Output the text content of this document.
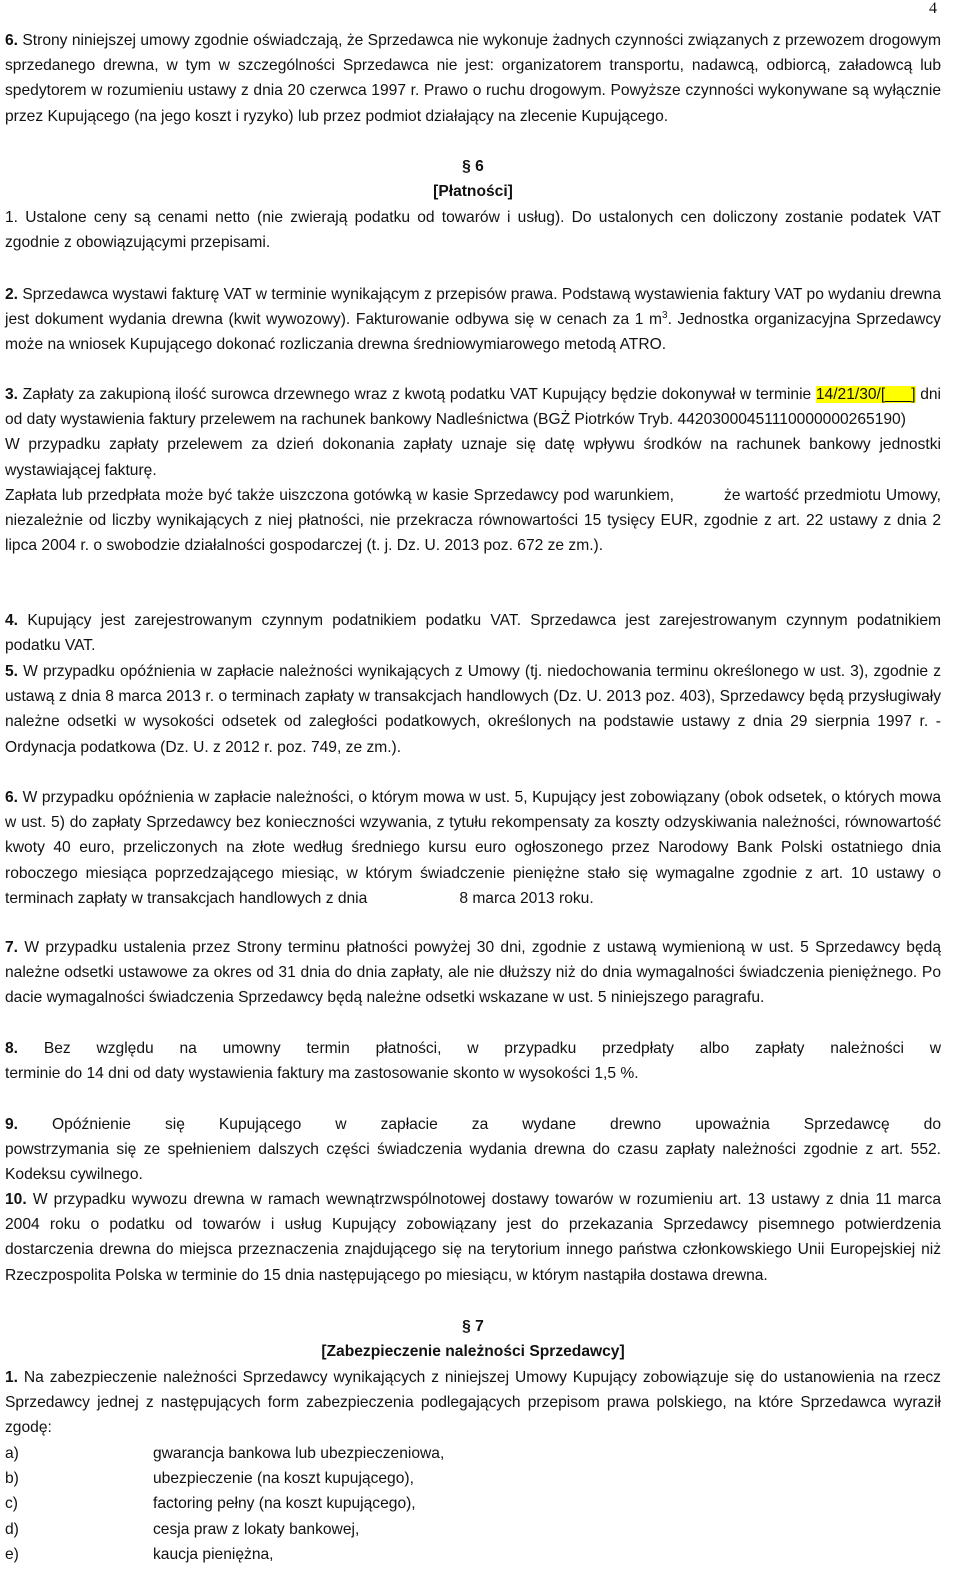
4

6. Strony niniejszej umowy zgodnie oświadczają, że Sprzedawca nie wykonuje żadnych czynności związanych z przewozem drogowym sprzedanego drewna, w tym w szczególności Sprzedawca nie jest: organizatorem transportu, nadawcą, odbiorcą, załadowcą lub spedytorem w rozumieniu ustawy z dnia 20 czerwca 1997 r. Prawo o ruchu drogowym. Powyższe czynności wykonywane są wyłącznie przez Kupującego (na jego koszt i ryzyko) lub przez podmiot działający na zlecenie Kupującego.

§ 6
[Płatności]

1. Ustalone ceny są cenami netto (nie zwierają podatku od towarów i usług). Do ustalonych cen doliczony zostanie podatek VAT zgodnie z obowiązującymi przepisami.

2. Sprzedawca wystawi fakturę VAT w terminie wynikającym z przepisów prawa. Podstawą wystawienia faktury VAT po wydaniu drewna jest dokument wydania drewna (kwit wywozowy). Fakturowanie odbywa się w cenach za 1 $m^3$. Jednostka organizacyjna Sprzedawcy może na wniosek Kupującego dokonać rozliczania drewna średniowymiarowego metodą ATRO.

3. Zapłaty za zakupioną ilość surowca drzewnego wraz z kwotą podatku VAT Kupujący będzie dokonywał w terminie 14/21/30/[___] dni od daty wystawienia faktury przelewem na rachunek bankowy Nadleśnictwa (BGŻ Piotrków Tryb. 44203000451110000000265190)

W przypadku zapłaty przelewem za dzień dokonania zapłaty uznaje się datę wpływu środków na rachunek bankowy jednostki wystawiającej fakturę.

Zapłata lub przedpłata może być także uiszczona gotówką w kasie Sprzedawcy pod warunkiem,	że wartość przedmiotu Umowy, niezależnie od liczby wynikających z niej płatności, nie przekracza równowartości 15 tysięcy EUR, zgodnie z art. 22 ustawy z dnia 2 lipca 2004 r. o swobodzie działalności gospodarczej (t. j. Dz. U. 2013 poz. 672 ze zm.).

4. Kupujący jest zarejestrowanym czynnym podatnikiem podatku VAT. Sprzedawca jest zarejestrowanym czynnym podatnikiem podatku VAT.

5. W przypadku opóźnienia w zapłacie należności wynikających z Umowy (tj. niedochowania terminu określonego w ust. 3), zgodnie z ustawą z dnia 8 marca 2013 r. o terminach zapłaty w transakcjach handlowych (Dz. U. 2013 poz. 403), Sprzedawcy będą przysługiwały należne odsetki w wysokości odsetek od zaległości podatkowych, określonych na podstawie ustawy z dnia 29 sierpnia 1997 r. - Ordynacja podatkowa (Dz. U. z 2012 r. poz. 749, ze zm.).

6. W przypadku opóźnienia w zapłacie należności, o którym mowa w ust. 5, Kupujący jest zobowiązany (obok odsetek, o których mowa w ust. 5) do zapłaty Sprzedawcy bez konieczności wzywania, z tytułu rekompensaty za koszty odzyskiwania należności, równowartość kwoty 40 euro, przeliczonych na złote według średniego kursu euro ogłoszonego przez Narodowy Bank Polski ostatniego dnia roboczego miesiąca poprzedzającego miesiąc, w którym świadczenie pieniężne stało się wymagalne zgodnie z art. 10 ustawy o terminach zapłaty w transakcjach handlowych z dnia	8 marca 2013 roku.

7. W przypadku ustalenia przez Strony terminu płatności powyżej 30 dni, zgodnie z ustawą wymienioną w ust. 5 Sprzedawcy będą należne odsetki ustawowe za okres od 31 dnia do dnia zapłaty, ale nie dłuższy niż do dnia wymagalności świadczenia pieniężnego. Po dacie wymagalności świadczenia Sprzedawcy będą należne odsetki wskazane w ust. 5 niniejszego paragrafu.

8. Bez względu na umowny termin płatności, w przypadku przedpłaty albo zapłaty należności w

terminie do 14 dni od daty wystawienia faktury ma zastosowanie skonto w wysokości 1,5 %.

9. Opóźnienie się Kupującego w zapłacie za wydane drewno upoważnia Sprzedawcę do

powstrzymania się ze spełnieniem dalszych części świadczenia wydania drewna do czasu zapłaty należności zgodnie z art. 552. Kodeksu cywilnego.

10. W przypadku wywozu drewna w ramach wewnątrzwspólnotowej dostawy towarów w rozumieniu art. 13 ustawy z dnia 11 marca 2004 roku o podatku od towarów i usług Kupujący zobowiązany jest do przekazania Sprzedawcy pisemnego potwierdzenia dostarczenia drewna do miejsca przeznaczenia znajdującego się na terytorium innego państwa członkowskiego Unii Europejskiej niż Rzeczpospolita Polska w terminie do 15 dnia następującego po miesiącu, w którym nastąpiła dostawa drewna.

§ 7
[Zabezpieczenie należności Sprzedawcy]

1. Na zabezpieczenie należności Sprzedawcy wynikających z niniejszej Umowy Kupujący zobowiązuje się do ustanowienia na rzecz Sprzedawcy jednej z następujących form zabezpieczenia podlegających przepisom prawa polskiego, na które Sprzedawca wyraził zgodę:

a)	gwarancja bankowa lub ubezpieczeniowa,
b)	ubezpieczenie (na koszt kupującego),
c)	factoring pełny (na koszt kupującego),
d)	cesja praw z lokaty bankowej,
e)	kaucja pieniężna,
